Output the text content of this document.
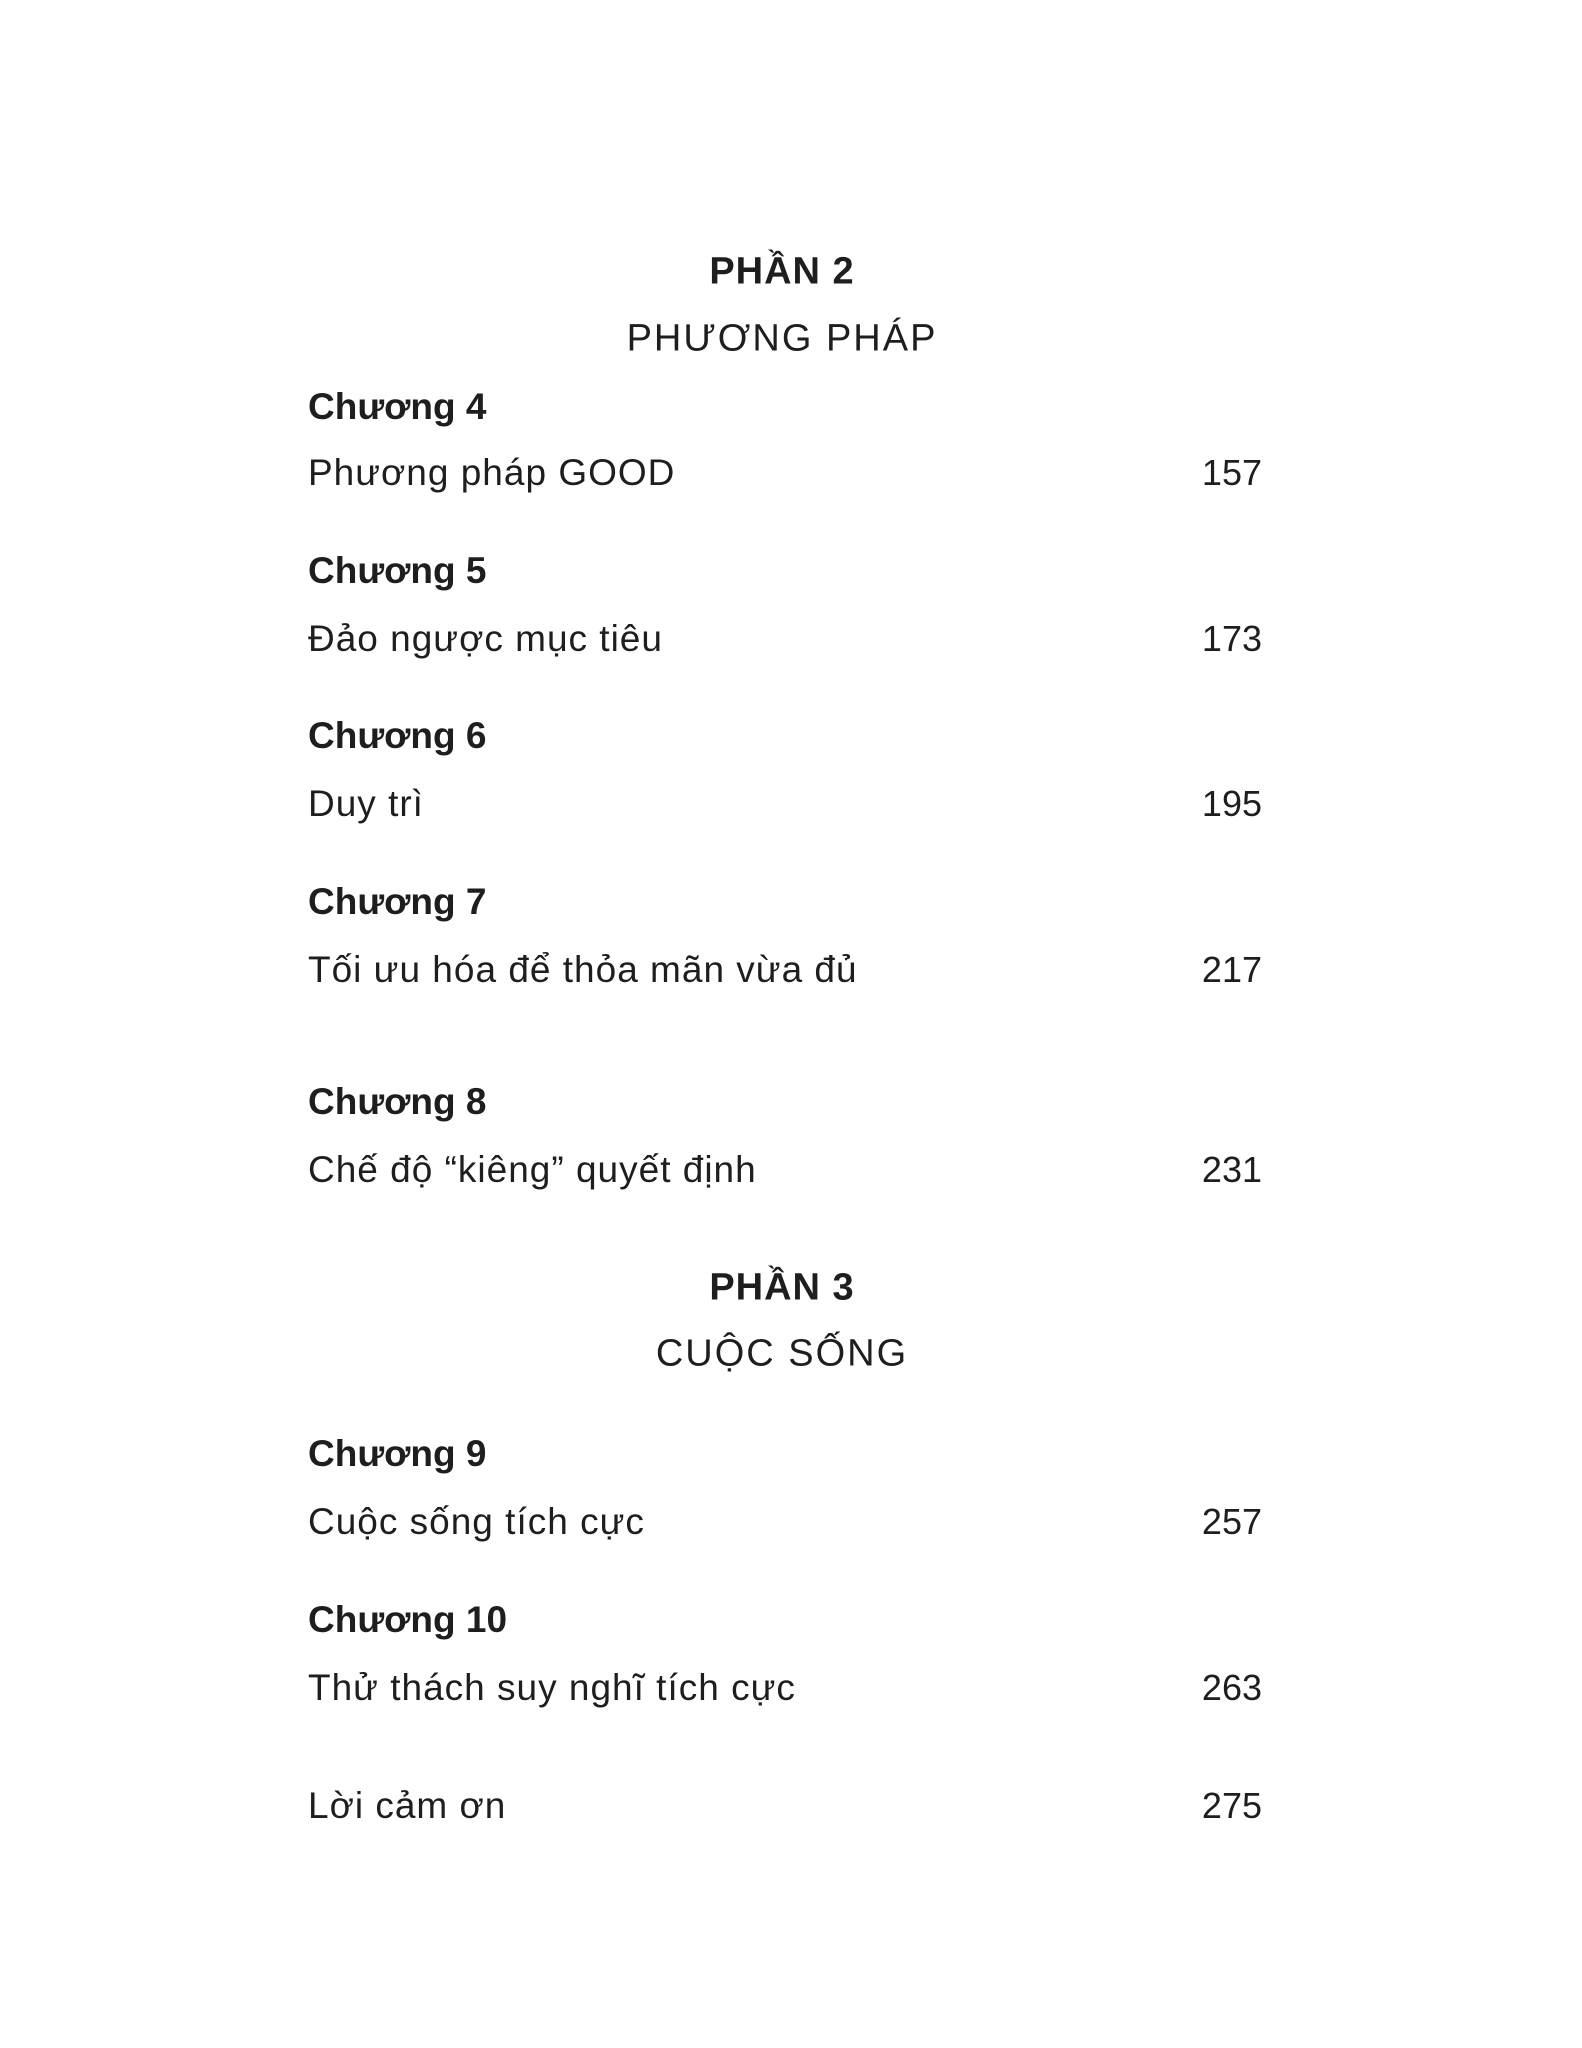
PHẦN 2
PHƯƠNG PHÁP
Chương 4
Phương pháp GOOD	157
Chương 5
Đảo ngược mục tiêu	173
Chương 6
Duy trì	195
Chương 7
Tối ưu hóa để thỏa mãn vừa đủ	217
Chương 8
Chế độ “kiêng” quyết định	231
PHẦN 3
CUỘC SỐNG
Chương 9
Cuộc sống tích cực	257
Chương 10
Thử thách suy nghĩ tích cực	263
Lời cảm ơn	275
